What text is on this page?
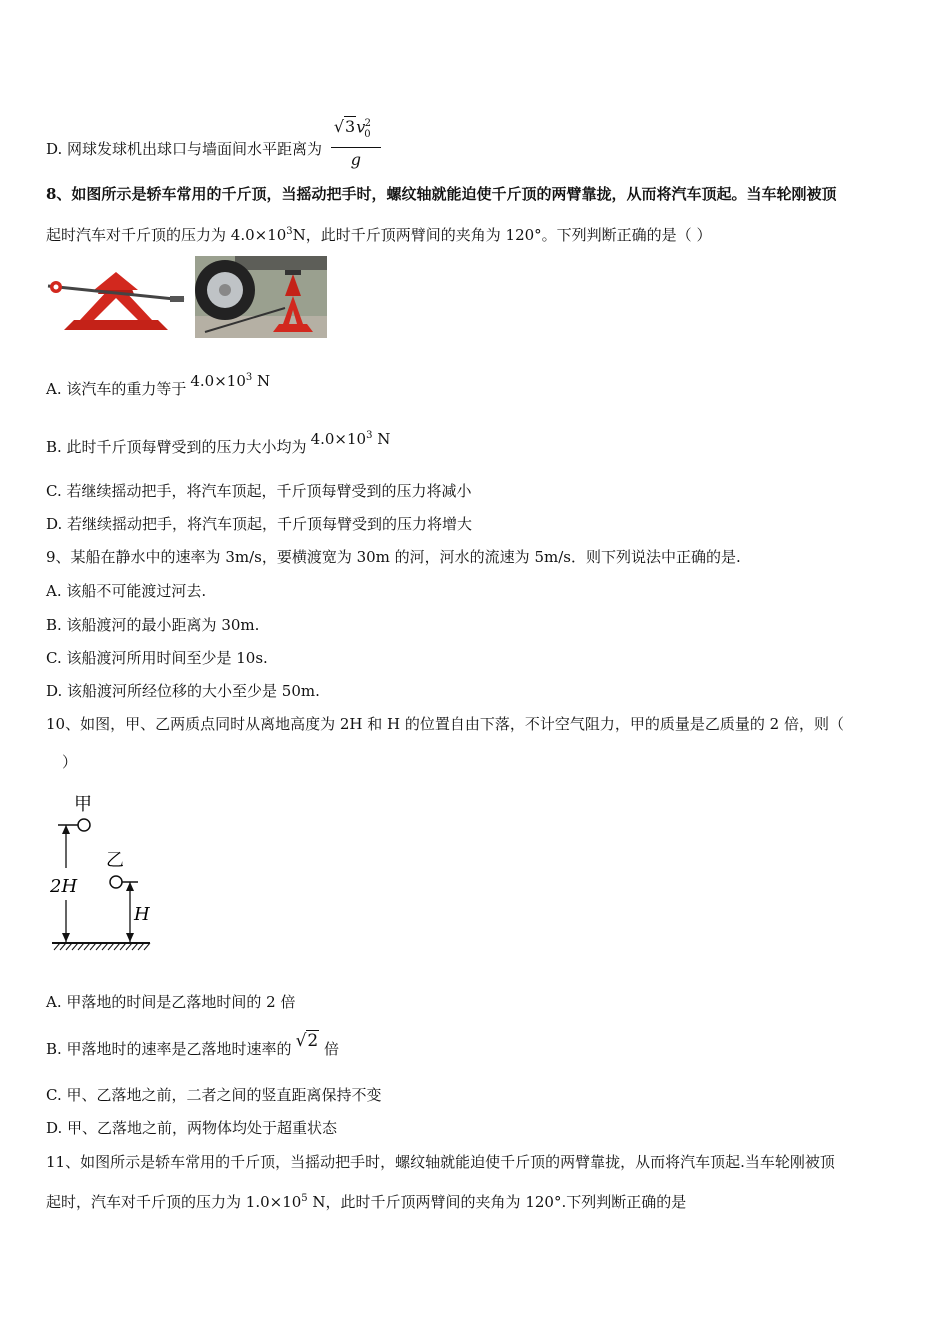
D. 网球发球机出球口与墙面间水平距离为 $\frac{√3v_0^2}{g}$
8、如图所示是轿车常用的千斤顶，当摇动把手时，螺纹轴就能迫使千斤顶的两臂靠拢，从而将汽车顶起。当车轮刚被顶
起时汽车对千斤顶的压力为 $4.0\times 10^3N$，此时千斤顶两臂间的夹角为 120°。下列判断正确的是（ ）
A. 该汽车的重力等于 $4.0\times 10^3$ N
B. 此时千斤顶每臂受到的压力大小均为 $4.0\times 10^3$ N
C. 若继续摇动把手，将汽车顶起，千斤顶每臂受到的压力将减小
D. 若继续摇动把手，将汽车顶起，千斤顶每臂受到的压力将增大
9、某船在静水中的速率为 3m/s，要横渡宽为 30m 的河，河水的流速为 5m/s．则下列说法中正确的是.
A. 该船不可能渡过河去.
B. 该船渡河的最小距离为 30m.
C. 该船渡河所用时间至少是 10s.
D. 该船渡河所经位移的大小至少是 50m.
10、如图，甲、乙两质点同时从离地高度为 2H 和 H 的位置自由下落，不计空气阻力，甲的质量是乙质量的 2 倍，则（
）
甲
2H
乙
H
A. 甲落地的时间是乙落地时间的 2 倍
B. 甲落地时的速率是乙落地时速率的 √2 倍
C. 甲、乙落地之前，二者之间的竖直距离保持不变
D. 甲、乙落地之前，两物体均处于超重状态
11、如图所示是轿车常用的千斤顶，当摇动把手时，螺纹轴就能迫使千斤顶的两臂靠拢，从而将汽车顶起.当车轮刚被顶
起时，汽车对千斤顶的压力为 $1.0\times 10^5$ N，此时千斤顶两臂间的夹角为 120°.下列判断正确的是
